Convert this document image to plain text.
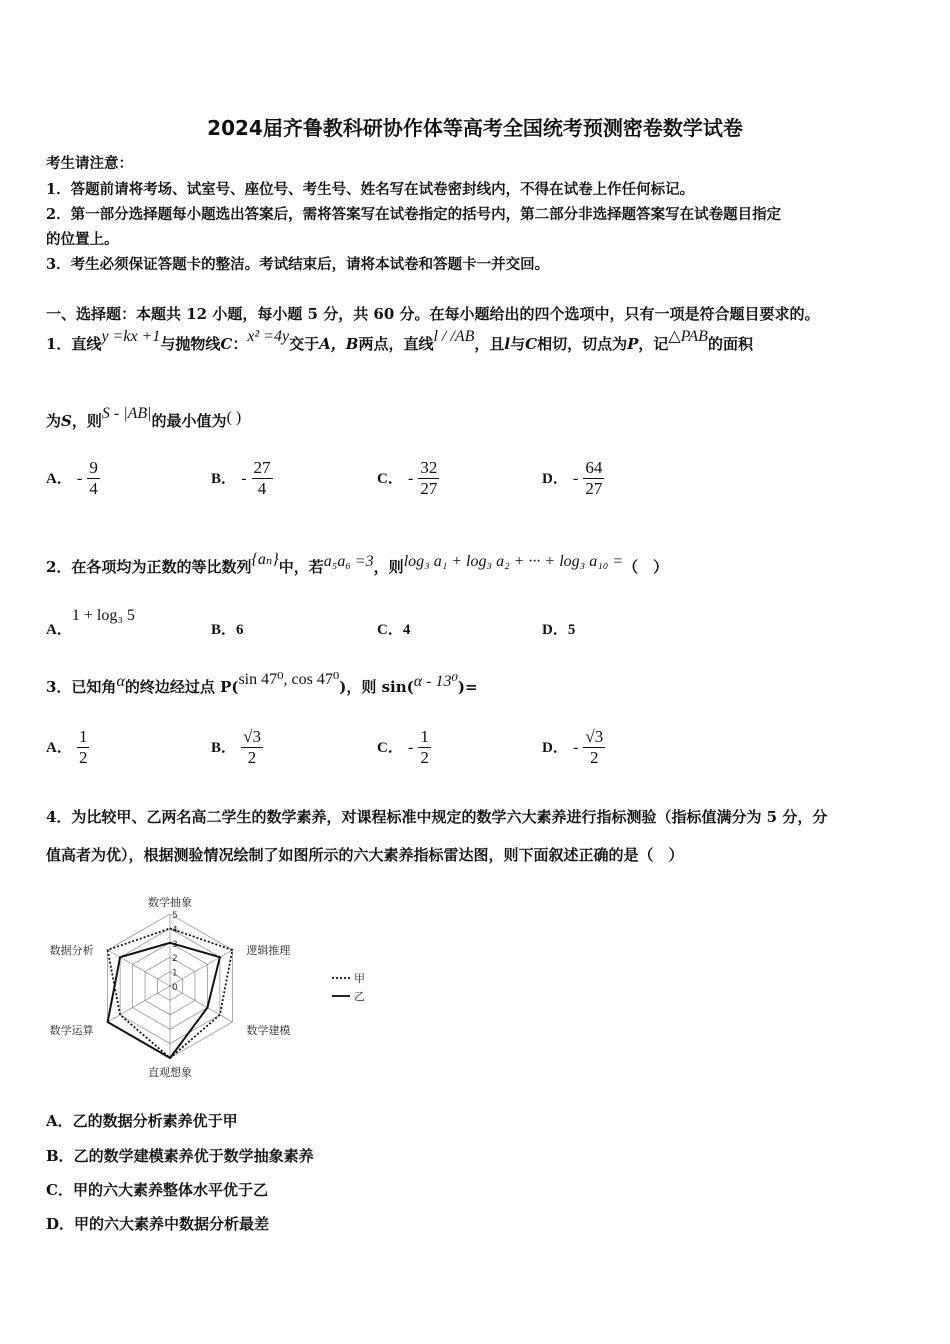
2024届齐鲁教科研协作体等高考全国统考预测密卷数学试卷
考生请注意：
1．答题前请将考场、试室号、座位号、考生号、姓名写在试卷密封线内，不得在试卷上作任何标记。
2．第一部分选择题每小题选出答案后，需将答案写在试卷指定的括号内，第二部分非选择题答案写在试卷题目指定
的位置上。
3．考生必须保证答题卡的整洁。考试结束后，请将本试卷和答题卡一并交回。
一、选择题：本题共 12 小题，每小题 5 分，共 60 分。在每小题给出的四个选项中，只有一项是符合题目要求的。
1．直线y =kx +1与抛物线C：x² =4y交于A，B两点，直线l / /AB，且l与C相切，切点为P，记△PAB的面积
为S，则S - |AB|的最小值为( )
A． - $\frac{9}{4}$	B． - $\frac{27}{4}$	C． - $\frac{32}{27}$	D． - $\frac{64}{27}$
2．在各项均为正数的等比数列{aₙ}中，若a₅a₆ =3，则log₃ a₁ + log₃ a₂ + ··· + log₃ a₁₀ =（　）
A．1 + log₃ 5
B．6	C．4	D．5
3．已知角α的终边经过点 P(sin 47⁰, cos 47⁰)，则 sin(α - 13⁰)=
A． $\frac{1}{2}$	B． $\frac{√3}{2}$	C． - $\frac{1}{2}$	D． - $\frac{√3}{2}$
4．为比较甲、乙两名高二学生的数学素养，对课程标准中规定的数学六大素养进行指标测验（指标值满分为 5 分，分
值高者为优），根据测验情况绘制了如图所示的六大素养指标雷达图，则下面叙述正确的是（　）
0
1
2
3
4
5
数学抽象
逻辑推理
数学建模
直观想象
数学运算
数据分析
甲
乙
A．乙的数据分析素养优于甲
B．乙的数学建模素养优于数学抽象素养
C．甲的六大素养整体水平优于乙
D．甲的六大素养中数据分析最差
